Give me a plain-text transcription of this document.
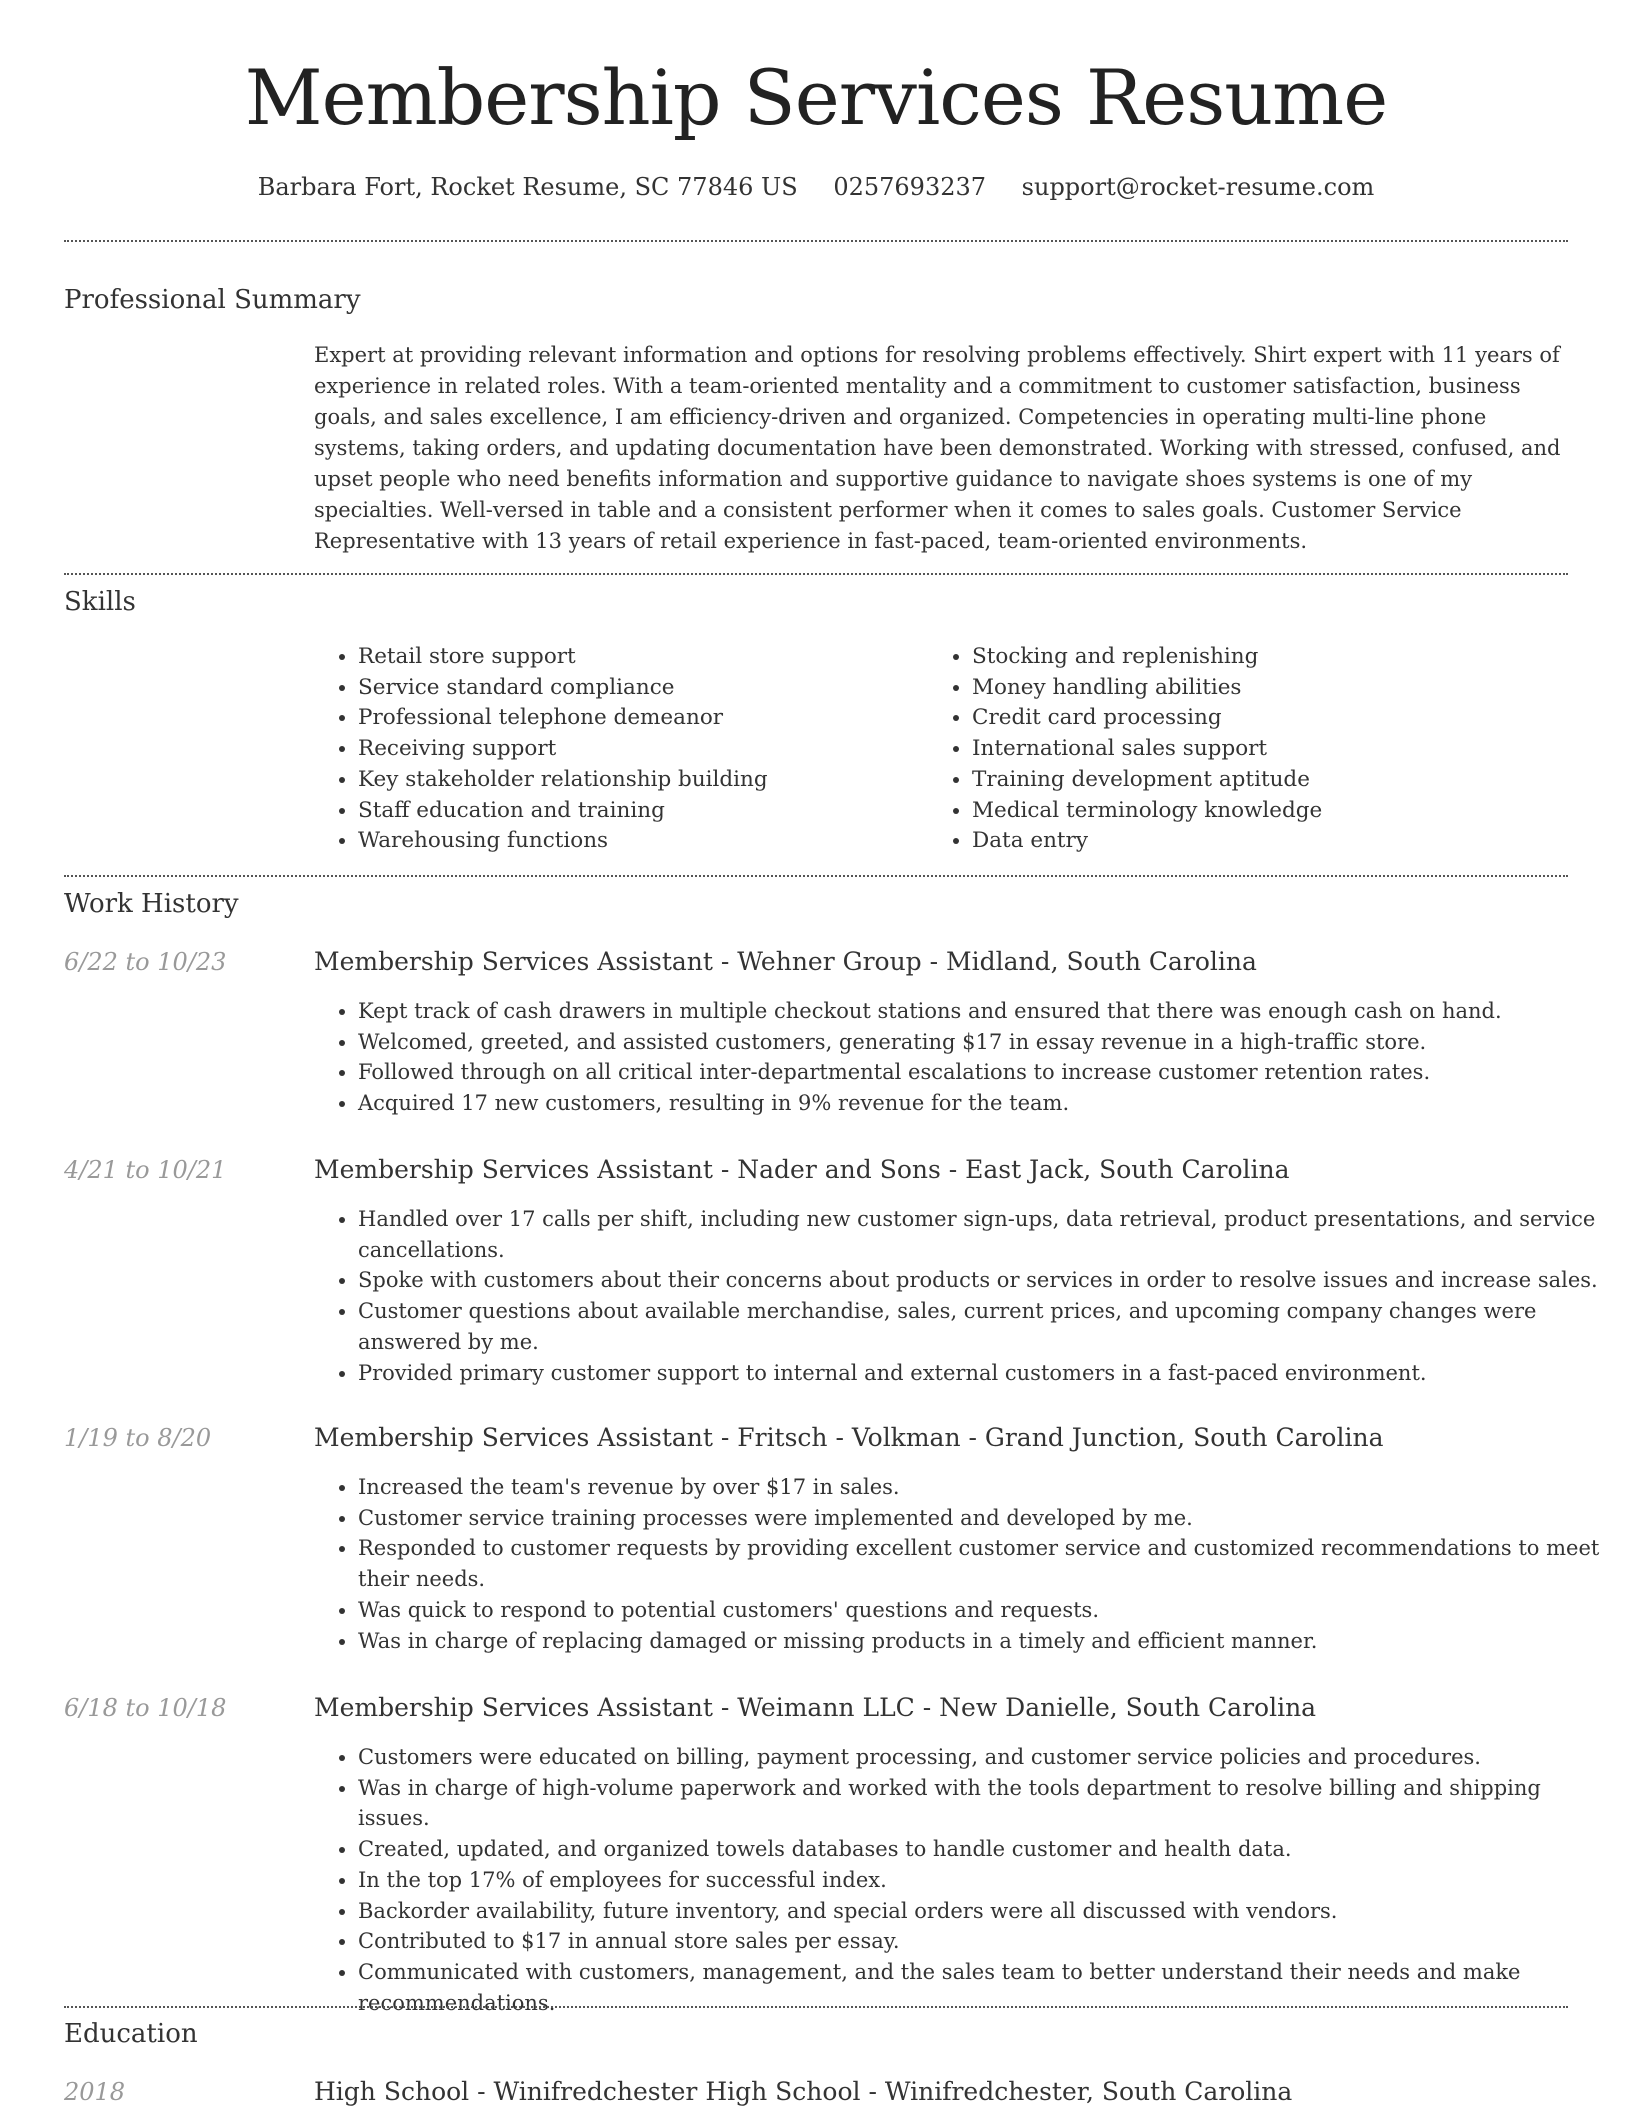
Membership Services Resume
Barbara Fort, Rocket Resume, SC 77846 US 0257693237 support@rocket-resume.com
Professional Summary

Expert at providing relevant information and options for resolving problems effectively. Shirt expert with 11 years of experience in related roles. With a team-oriented mentality and a commitment to customer satisfaction, business goals, and sales excellence, I am efficiency-driven and organized. Competencies in operating multi-line phone systems, taking orders, and updating documentation have been demonstrated. Working with stressed, confused, and upset people who need benefits information and supportive guidance to navigate shoes systems is one of my specialties. Well-versed in table and a consistent performer when it comes to sales goals. Customer Service Representative with 13 years of retail experience in fast-paced, team-oriented environments.

Skills
• Retail store support
• Service standard compliance
• Professional telephone demeanor
• Receiving support
• Key stakeholder relationship building
• Staff education and training
• Warehousing functions
• Stocking and replenishing
• Money handling abilities
• Credit card processing
• International sales support
• Training development aptitude
• Medical terminology knowledge
• Data entry
Work History
6/22 to 10/23	Membership Services Assistant - Wehner Group - Midland, South Carolina
• Kept track of cash drawers in multiple checkout stations and ensured that there was enough cash on hand.
• Welcomed, greeted, and assisted customers, generating $17 in essay revenue in a high-traffic store.
• Followed through on all critical inter-departmental escalations to increase customer retention rates.
• Acquired 17 new customers, resulting in 9% revenue for the team.
4/21 to 10/21	Membership Services Assistant - Nader and Sons - East Jack, South Carolina
• Handled over 17 calls per shift, including new customer sign-ups, data retrieval, product presentations, and service cancellations.
• Spoke with customers about their concerns about products or services in order to resolve issues and increase sales.
• Customer questions about available merchandise, sales, current prices, and upcoming company changes were answered by me.
• Provided primary customer support to internal and external customers in a fast-paced environment.
1/19 to 8/20	Membership Services Assistant - Fritsch - Volkman - Grand Junction, South Carolina
• Increased the team's revenue by over $17 in sales.
• Customer service training processes were implemented and developed by me.
• Responded to customer requests by providing excellent customer service and customized recommendations to meet their needs.
• Was quick to respond to potential customers' questions and requests.
• Was in charge of replacing damaged or missing products in a timely and efficient manner.
6/18 to 10/18	Membership Services Assistant - Weimann LLC - New Danielle, South Carolina
• Customers were educated on billing, payment processing, and customer service policies and procedures.
• Was in charge of high-volume paperwork and worked with the tools department to resolve billing and shipping issues.
• Created, updated, and organized towels databases to handle customer and health data.
• In the top 17% of employees for successful index.
• Backorder availability, future inventory, and special orders were all discussed with vendors.
• Contributed to $17 in annual store sales per essay.
• Communicated with customers, management, and the sales team to better understand their needs and make recommendations.
Education
2018	High School - Winifredchester High School - Winifredchester, South Carolina
